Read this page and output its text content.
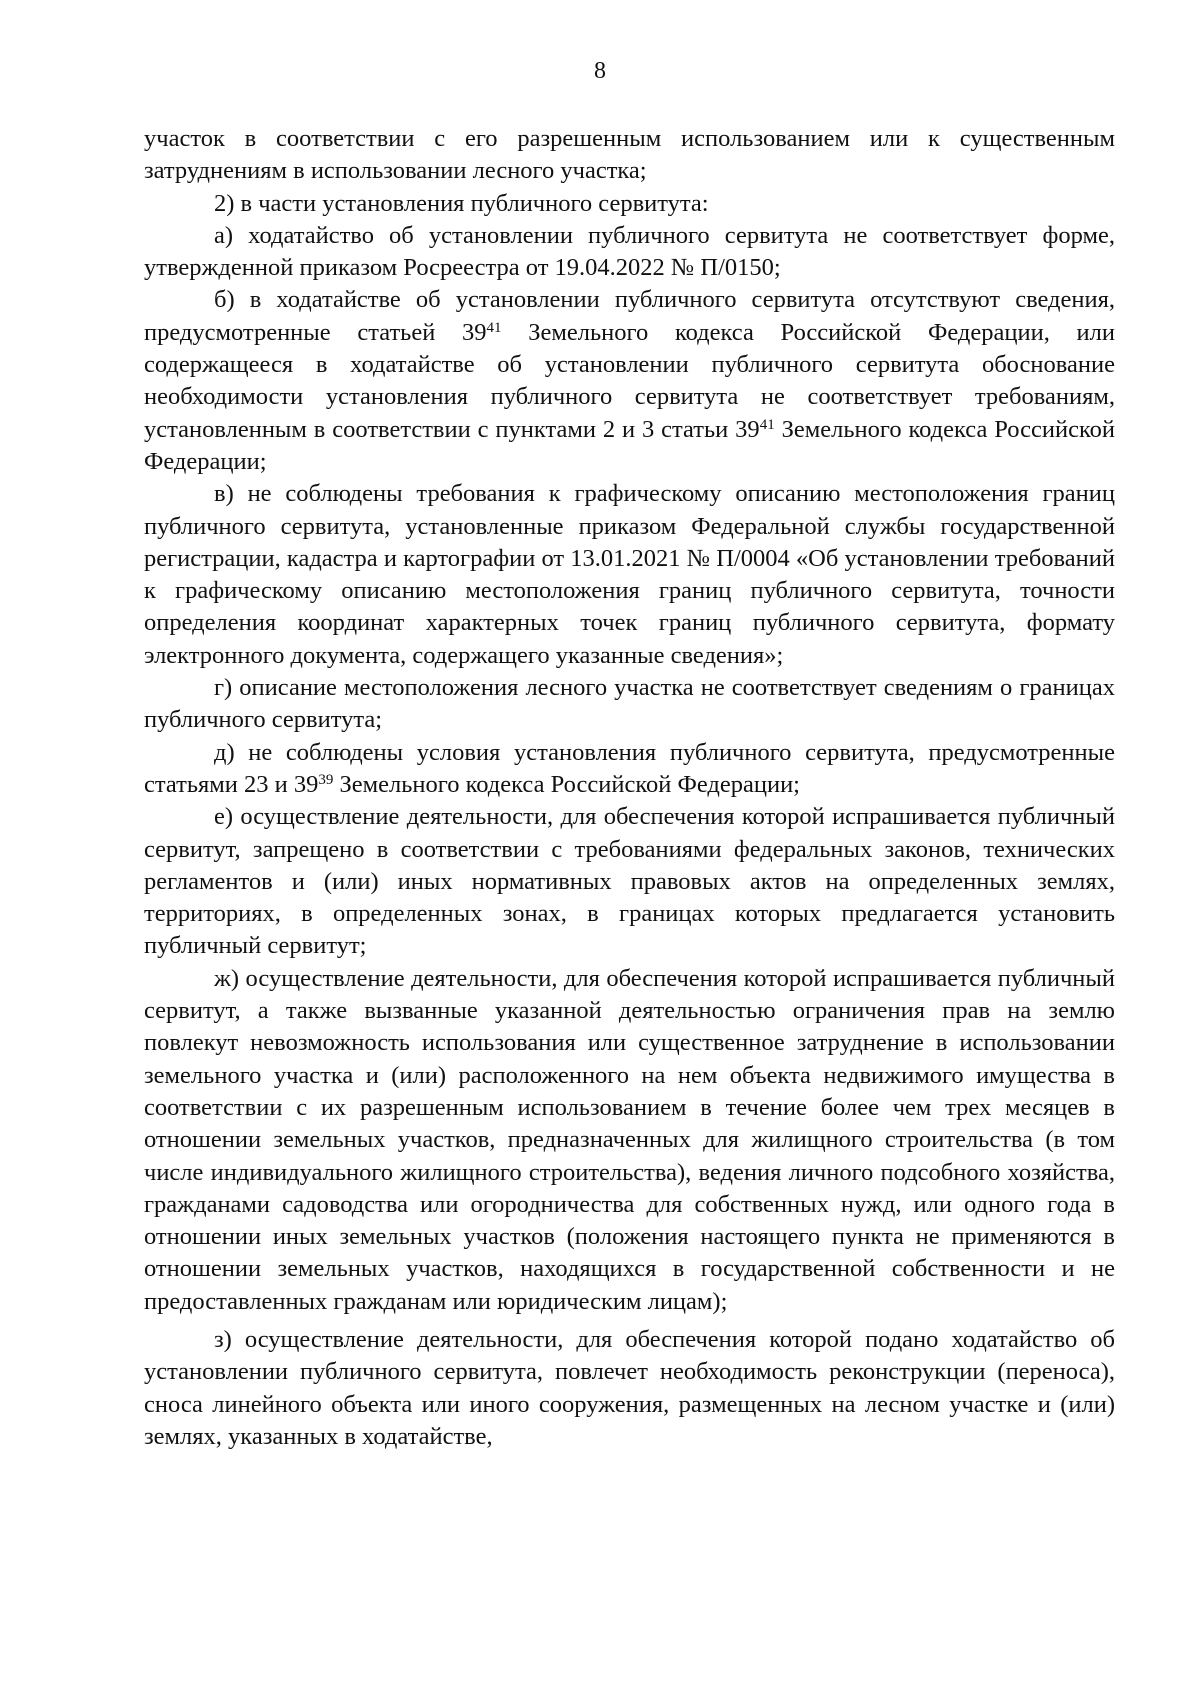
8

участок в соответствии с его разрешенным использованием или к существенным затруднениям в использовании лесного участка;

2) в части установления публичного сервитута:

а) ходатайство об установлении публичного сервитута не соответствует форме, утвержденной приказом Росреестра от 19.04.2022 № П/0150;

б) в ходатайстве об установлении публичного сервитута отсутствуют сведения, предусмотренные статьей $39^{41}$ Земельного кодекса Российской Федерации, или содержащееся в ходатайстве об установлении публичного сервитута обоснование необходимости установления публичного сервитута не соответствует требованиям, установленным в соответствии с пунктами 2 и 3 статьи $39^{41}$ Земельного кодекса Российской Федерации;

в) не соблюдены требования к графическому описанию местоположения границ публичного сервитута, установленные приказом Федеральной службы государственной регистрации, кадастра и картографии от 13.01.2021 № П/0004 «Об установлении требований к графическому описанию местоположения границ публичного сервитута, точности определения координат характерных точек границ публичного сервитута, формату электронного документа, содержащего указанные сведения»;

г) описание местоположения лесного участка не соответствует сведениям о границах публичного сервитута;

д) не соблюдены условия установления публичного сервитута, предусмотренные статьями 23 и $39^{39}$ Земельного кодекса Российской Федерации;

е) осуществление деятельности, для обеспечения которой испрашивается публичный сервитут, запрещено в соответствии с требованиями федеральных законов, технических регламентов и (или) иных нормативных правовых актов на определенных землях, территориях, в определенных зонах, в границах которых предлагается установить публичный сервитут;

ж) осуществление деятельности, для обеспечения которой испрашивается публичный сервитут, а также вызванные указанной деятельностью ограничения прав на землю повлекут невозможность использования или существенное затруднение в использовании земельного участка и (или) расположенного на нем объекта недвижимого имущества в соответствии с их разрешенным использованием в течение более чем трех месяцев в отношении земельных участков, предназначенных для жилищного строительства (в том числе индивидуального жилищного строительства), ведения личного подсобного хозяйства, гражданами садоводства или огородничества для собственных нужд, или одного года в отношении иных земельных участков (положения настоящего пункта не применяются в отношении земельных участков, находящихся в государственной собственности и не предоставленных гражданам или юридическим лицам);

з) осуществление деятельности, для обеспечения которой подано ходатайство об установлении публичного сервитута, повлечет необходимость реконструкции (переноса), сноса линейного объекта или иного сооружения, размещенных на лесном участке и (или) землях, указанных в ходатайстве,
